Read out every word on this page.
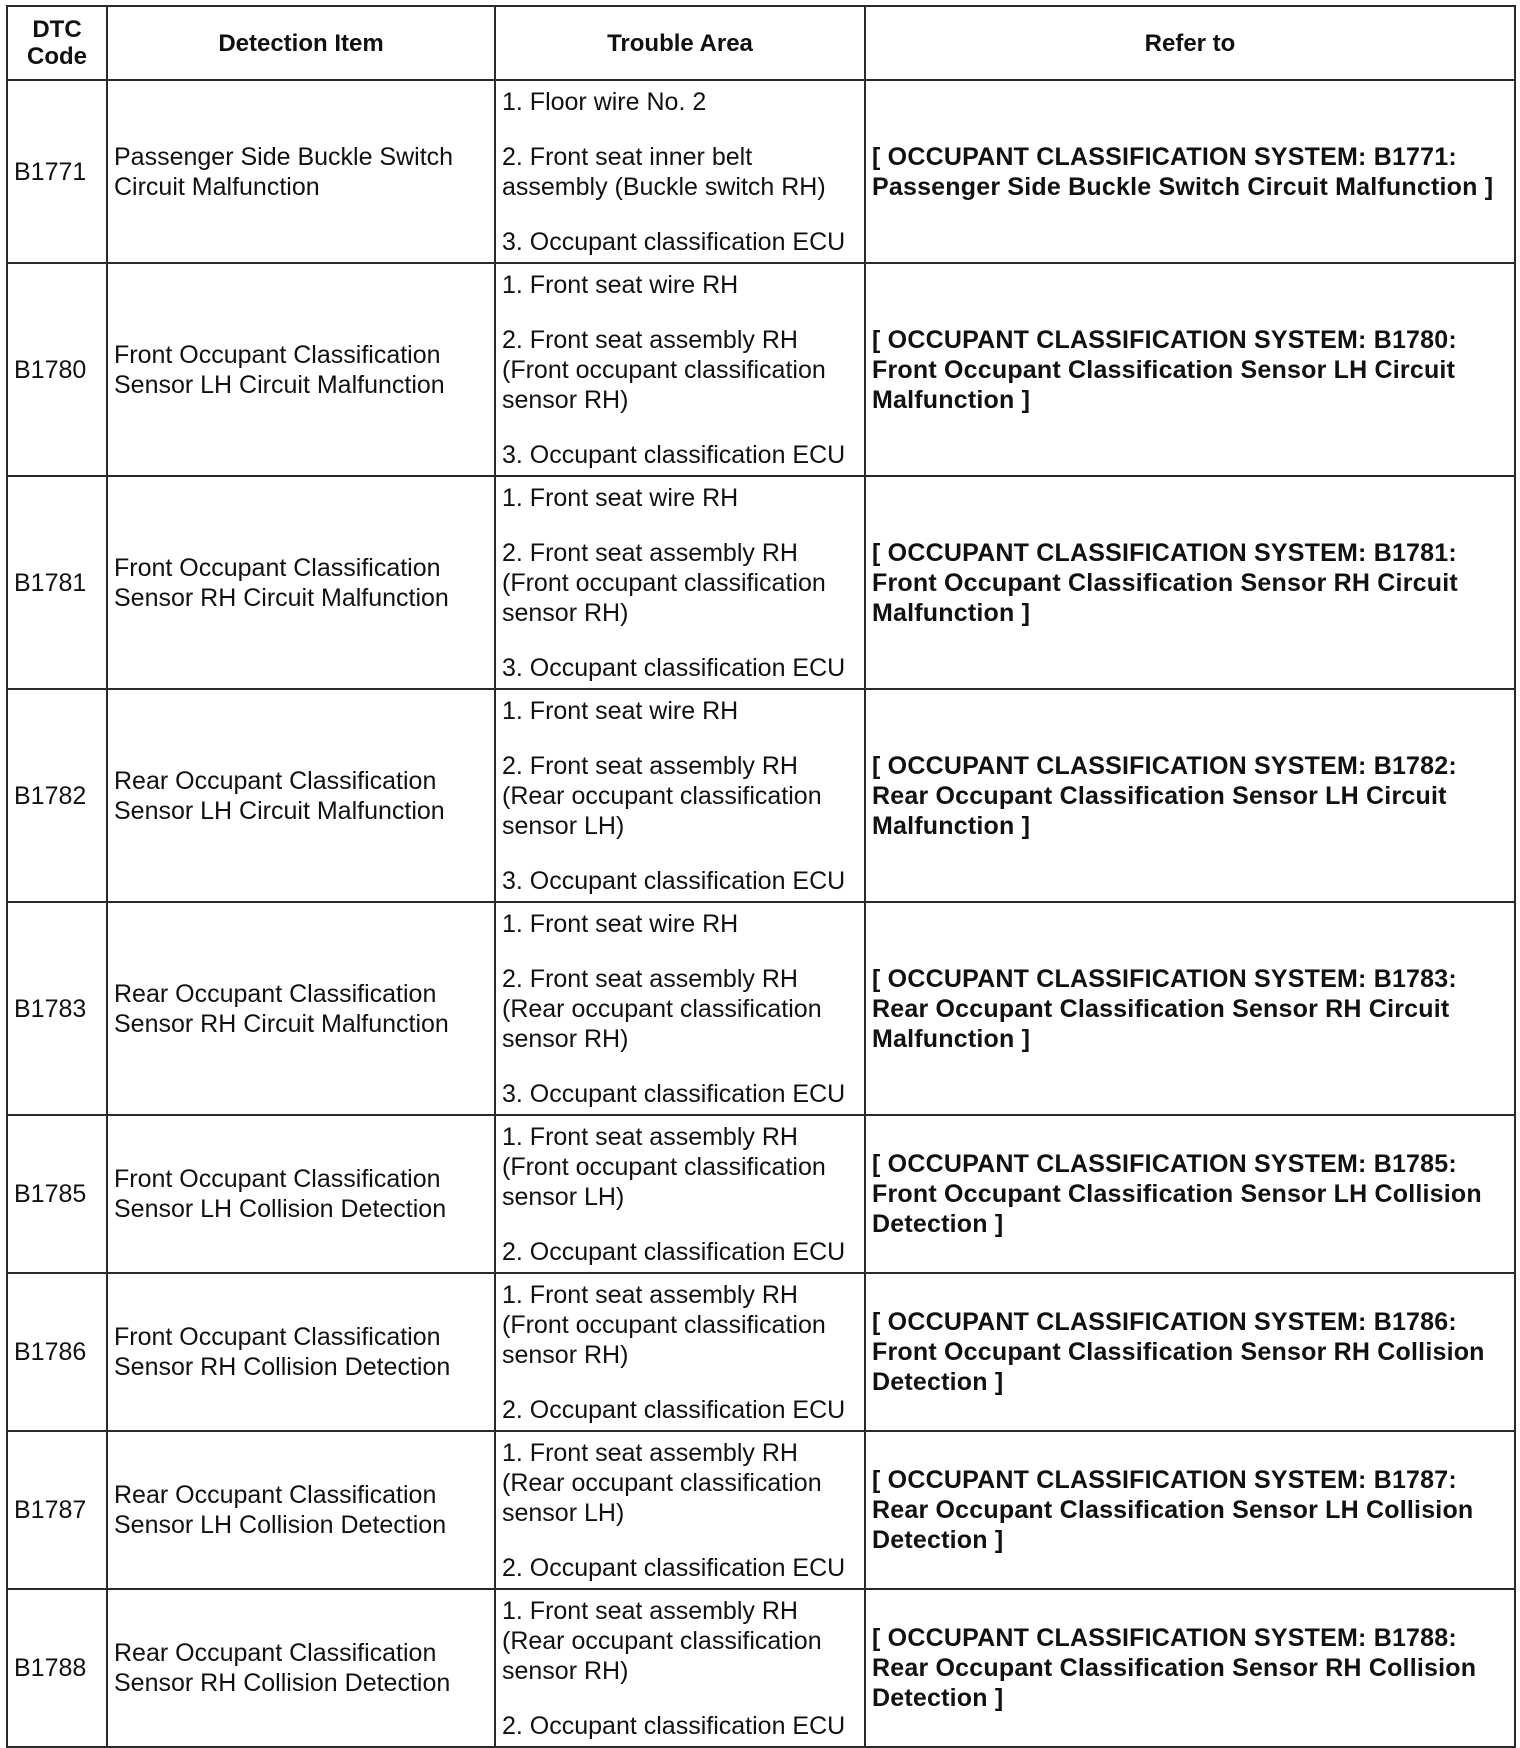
DTC Code	Detection Item	Trouble Area	Refer to
B1771	Passenger Side Buckle Switch Circuit Malfunction	1. Floor wire No. 2
2. Front seat inner belt assembly (Buckle switch RH)
3. Occupant classification ECU	[ OCCUPANT CLASSIFICATION SYSTEM: B1771: Passenger Side Buckle Switch Circuit Malfunction ]
B1780	Front Occupant Classification Sensor LH Circuit Malfunction	1. Front seat wire RH
2. Front seat assembly RH (Front occupant classification sensor RH)
3. Occupant classification ECU	[ OCCUPANT CLASSIFICATION SYSTEM: B1780: Front Occupant Classification Sensor LH Circuit Malfunction ]
B1781	Front Occupant Classification Sensor RH Circuit Malfunction	1. Front seat wire RH
2. Front seat assembly RH (Front occupant classification sensor RH)
3. Occupant classification ECU	[ OCCUPANT CLASSIFICATION SYSTEM: B1781: Front Occupant Classification Sensor RH Circuit Malfunction ]
B1782	Rear Occupant Classification Sensor LH Circuit Malfunction	1. Front seat wire RH
2. Front seat assembly RH (Rear occupant classification sensor LH)
3. Occupant classification ECU	[ OCCUPANT CLASSIFICATION SYSTEM: B1782: Rear Occupant Classification Sensor LH Circuit Malfunction ]
B1783	Rear Occupant Classification Sensor RH Circuit Malfunction	1. Front seat wire RH
2. Front seat assembly RH (Rear occupant classification sensor RH)
3. Occupant classification ECU	[ OCCUPANT CLASSIFICATION SYSTEM: B1783: Rear Occupant Classification Sensor RH Circuit Malfunction ]
B1785	Front Occupant Classification Sensor LH Collision Detection	1. Front seat assembly RH (Front occupant classification sensor LH)
2. Occupant classification ECU	[ OCCUPANT CLASSIFICATION SYSTEM: B1785: Front Occupant Classification Sensor LH Collision Detection ]
B1786	Front Occupant Classification Sensor RH Collision Detection	1. Front seat assembly RH (Front occupant classification sensor RH)
2. Occupant classification ECU	[ OCCUPANT CLASSIFICATION SYSTEM: B1786: Front Occupant Classification Sensor RH Collision Detection ]
B1787	Rear Occupant Classification Sensor LH Collision Detection	1. Front seat assembly RH (Rear occupant classification sensor LH)
2. Occupant classification ECU	[ OCCUPANT CLASSIFICATION SYSTEM: B1787: Rear Occupant Classification Sensor LH Collision Detection ]
B1788	Rear Occupant Classification Sensor RH Collision Detection	1. Front seat assembly RH (Rear occupant classification sensor RH)
2. Occupant classification ECU	[ OCCUPANT CLASSIFICATION SYSTEM: B1788: Rear Occupant Classification Sensor RH Collision Detection ]
